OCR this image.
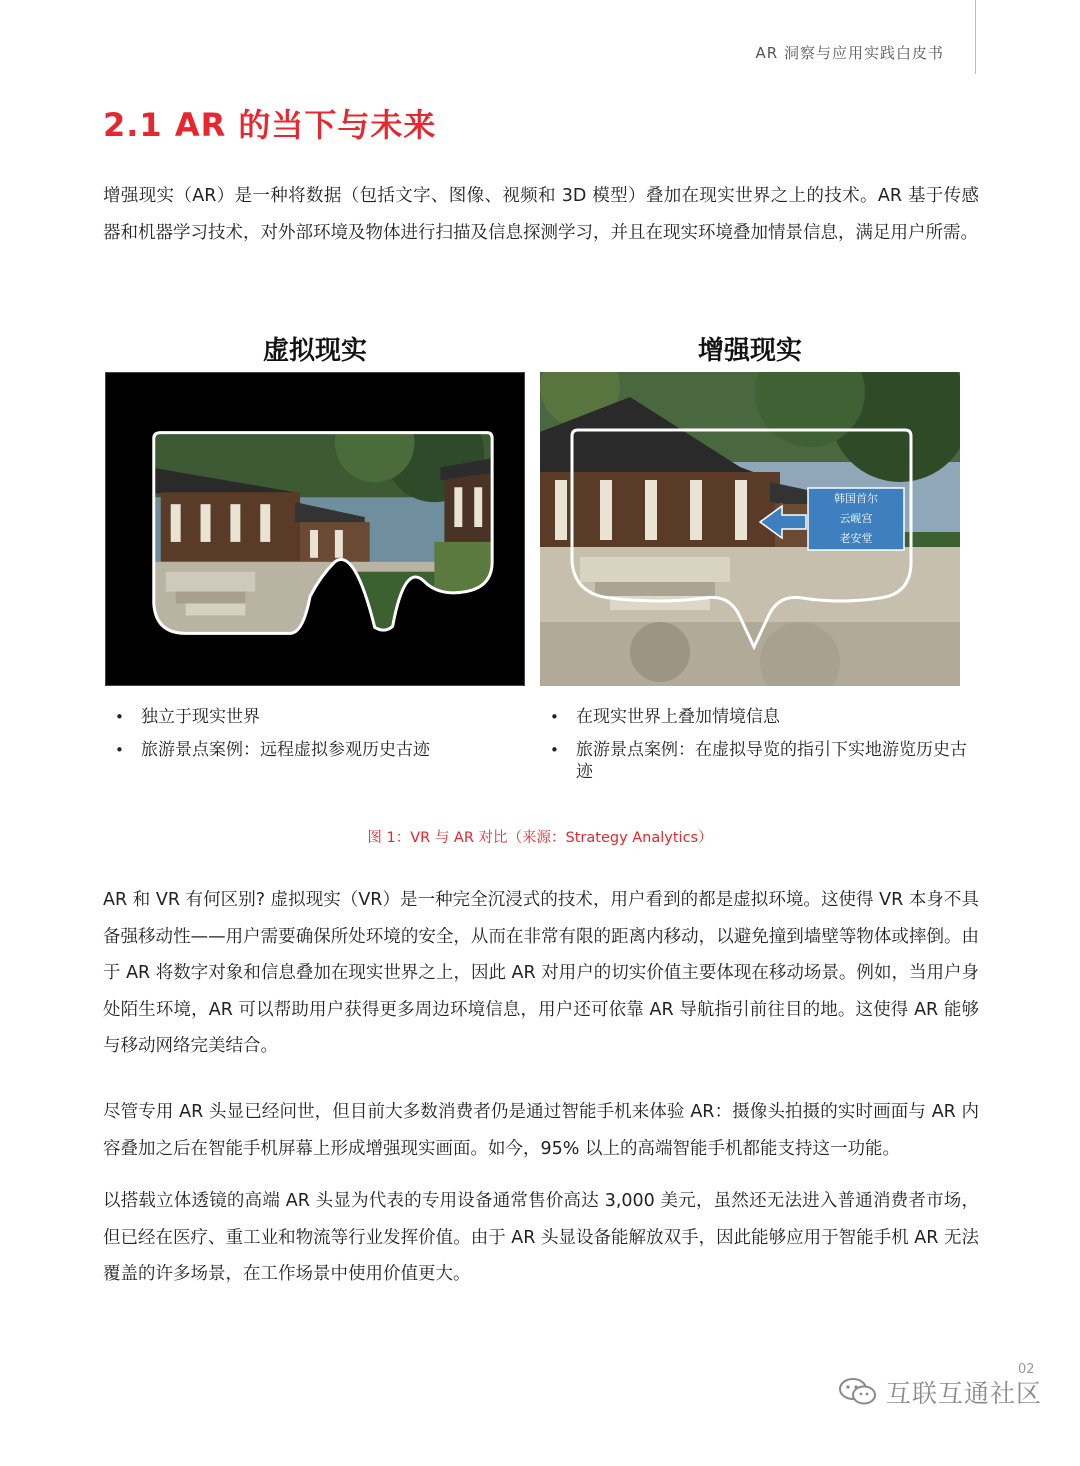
AR 洞察与应用实践白皮书
2.1 AR 的当下与未来

增强现实（AR）是一种将数据（包括文字、图像、视频和 3D 模型）叠加在现实世界之上的技术。AR 基于传感器和机器学习技术，对外部环境及物体进行扫描及信息探测学习，并且在现实环境叠加情景信息，满足用户所需。

虚拟现实	增强现实
韩国首尔
云岘宫
老安堂
• 独立于现实世界
• 旅游景点案例：远程虚拟参观历史古迹
• 在现实世界上叠加情境信息
• 旅游景点案例：在虚拟导览的指引下实地游览历史古迹
图 1：VR 与 AR 对比（来源：Strategy Analytics）

AR 和 VR 有何区别? 虚拟现实（VR）是一种完全沉浸式的技术，用户看到的都是虚拟环境。这使得 VR 本身不具备强移动性——用户需要确保所处环境的安全，从而在非常有限的距离内移动，以避免撞到墙壁等物体或摔倒。由于 AR 将数字对象和信息叠加在现实世界之上，因此 AR 对用户的切实价值主要体现在移动场景。例如，当用户身处陌生环境，AR 可以帮助用户获得更多周边环境信息，用户还可依靠 AR 导航指引前往目的地。这使得 AR 能够与移动网络完美结合。

尽管专用 AR 头显已经问世，但目前大多数消费者仍是通过智能手机来体验 AR：摄像头拍摄的实时画面与 AR 内容叠加之后在智能手机屏幕上形成增强现实画面。如今，95% 以上的高端智能手机都能支持这一功能。

以搭载立体透镜的高端 AR 头显为代表的专用设备通常售价高达 3,000 美元，虽然还无法进入普通消费者市场，但已经在医疗、重工业和物流等行业发挥价值。由于 AR 头显设备能解放双手，因此能够应用于智能手机 AR 无法覆盖的许多场景，在工作场景中使用价值更大。

02
互联互通社区
